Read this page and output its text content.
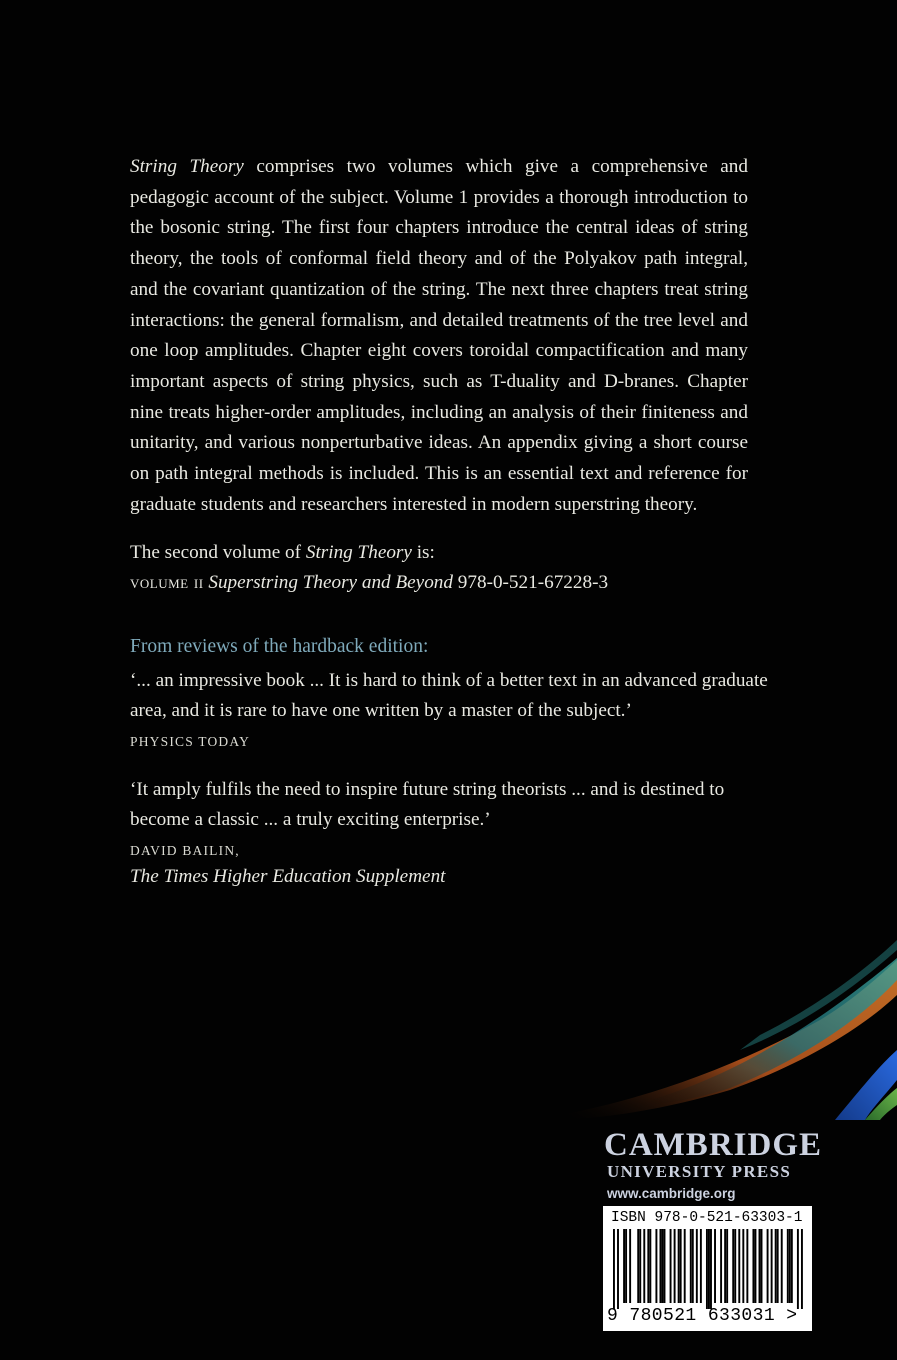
String Theory comprises two volumes which give a comprehensive and pedagogic account of the subject. Volume 1 provides a thorough introduction to the bosonic string. The first four chapters introduce the central ideas of string theory, the tools of conformal field theory and of the Polyakov path integral, and the covariant quantization of the string. The next three chapters treat string interactions: the general formalism, and detailed treatments of the tree level and one loop amplitudes. Chapter eight covers toroidal compactification and many important aspects of string physics, such as T-duality and D-branes. Chapter nine treats higher-order amplitudes, including an analysis of their finiteness and unitarity, and various nonperturbative ideas. An appendix giving a short course on path integral methods is included. This is an essential text and reference for graduate students and researchers interested in modern superstring theory.

The second volume of String Theory is:
volume ii Superstring Theory and Beyond 978-0-521-67228-3
From reviews of the hardback edition:
‘... an impressive book ... It is hard to think of a better text in an advanced graduate area, and it is rare to have one written by a master of the subject.’
PHYSICS TODAY
‘It amply fulfils the need to inspire future string theorists ... and is destined to become a classic ... a truly exciting enterprise.’
DAVID BAILIN,
The Times Higher Education Supplement
CAMBRIDGE
UNIVERSITY PRESS
www.cambridge.org
ISBN 978-0-521-63303-1
9 780521 633031 >
